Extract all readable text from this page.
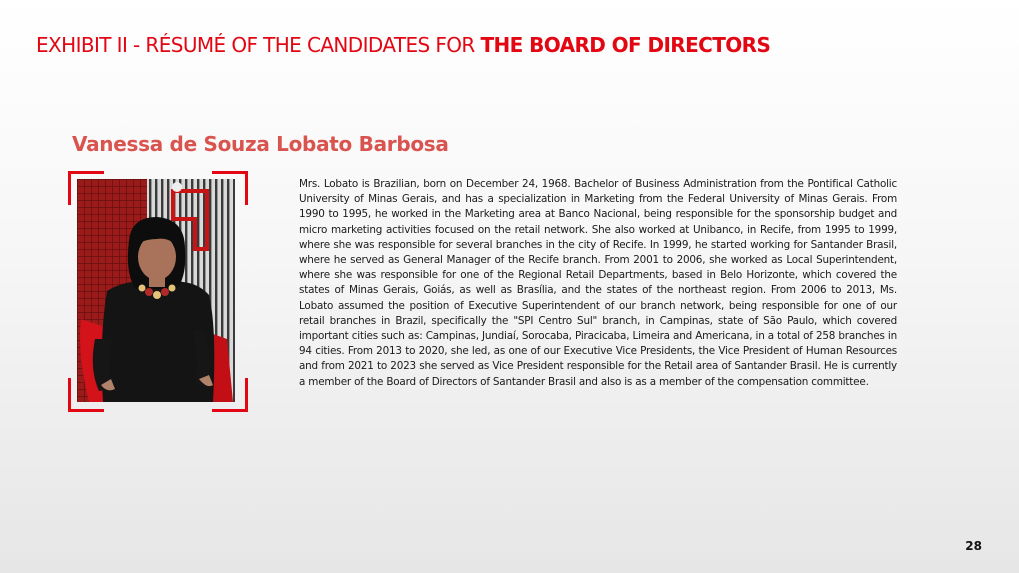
EXHIBIT II - RÉSUMÉ OF THE CANDIDATES FOR THE BOARD OF DIRECTORS
Vanessa de Souza Lobato Barbosa

Mrs. Lobato is Brazilian, born on December 24, 1968. Bachelor of Business Administration from the Pontifical Catholic University of Minas Gerais, and has a specialization in Marketing from the Federal University of Minas Gerais. From 1990 to 1995, he worked in the Marketing area at Banco Nacional, being responsible for the sponsorship budget and micro marketing activities focused on the retail network. She also worked at Unibanco, in Recife, from 1995 to 1999, where she was responsible for several branches in the city of Recife. In 1999, he started working for Santander Brasil, where he served as General Manager of the Recife branch. From 2001 to 2006, she worked as Local Superintendent, where she was responsible for one of the Regional Retail Departments, based in Belo Horizonte, which covered the states of Minas Gerais, Goiás, as well as Brasília, and the states of the northeast region. From 2006 to 2013, Ms. Lobato assumed the position of Executive Superintendent of our branch network, being responsible for one of our retail branches in Brazil, specifically the "SPI Centro Sul" branch, in Campinas, state of São Paulo, which covered important cities such as: Campinas, Jundiaí, Sorocaba, Piracicaba, Limeira and Americana, in a total of 258 branches in 94 cities. From 2013 to 2020, she led, as one of our Executive Vice Presidents, the Vice President of Human Resources and from 2021 to 2023 she served as Vice President responsible for the Retail area of Santander Brasil. He is currently a member of the Board of Directors of Santander Brasil and also is as a member of the compensation committee.

28
